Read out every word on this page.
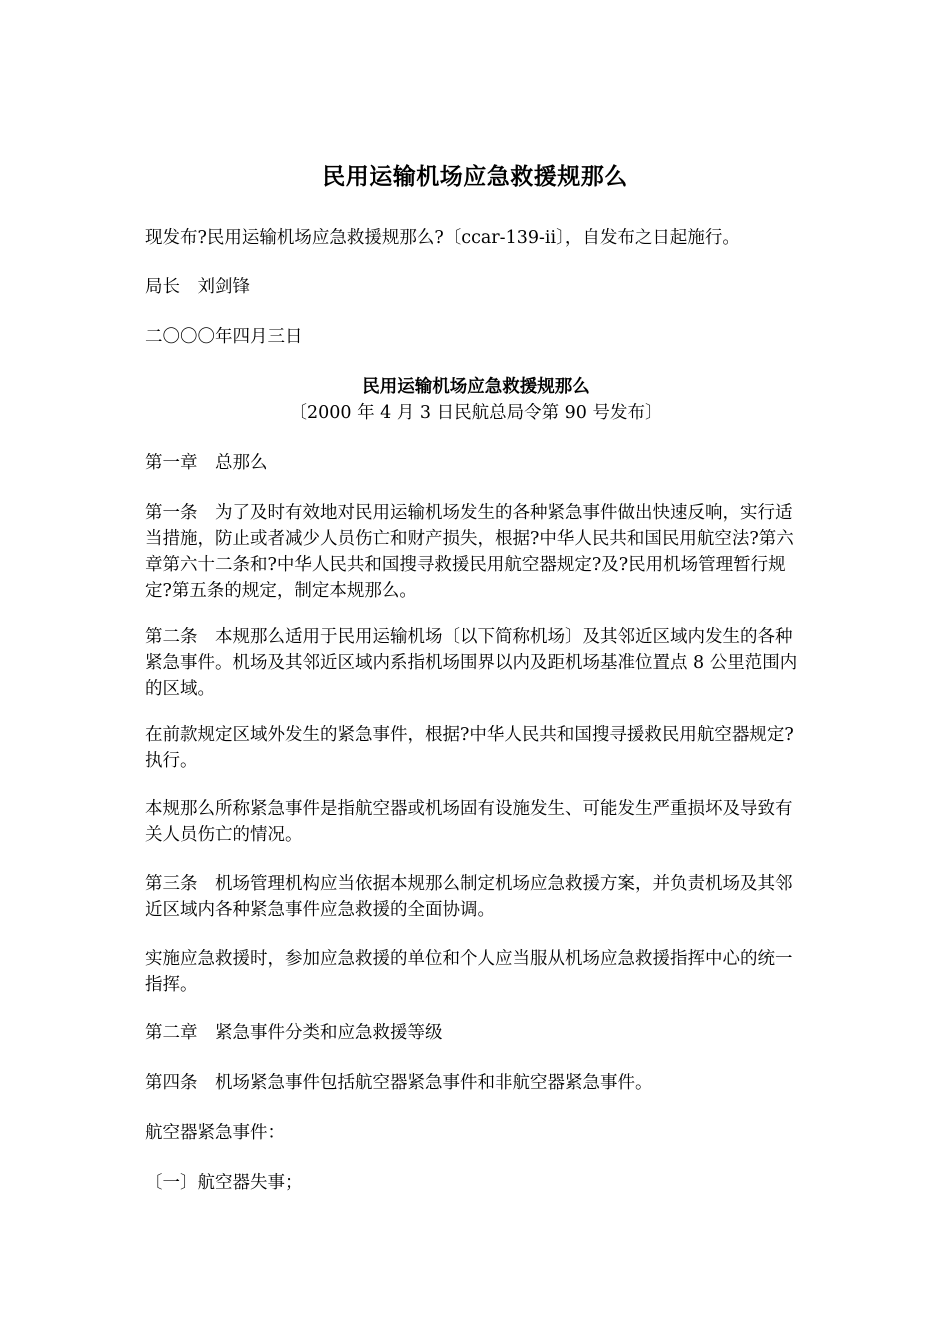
民用运输机场应急救援规那么

现发布?民用运输机场应急救援规那么?〔ccar-139-ii〕，自发布之日起施行。

局长　刘剑锋

二〇〇〇年四月三日

民用运输机场应急救援规那么

〔2000 年 4 月 3 日民航总局令第 90 号发布〕

第一章　总那么

第一条　为了及时有效地对民用运输机场发生的各种紧急事件做出快速反响，实行适当措施，防止或者减少人员伤亡和财产损失，根据?中华人民共和国民用航空法?第六章第六十二条和?中华人民共和国搜寻救援民用航空器规定?及?民用机场管理暂行规定?第五条的规定，制定本规那么。

第二条　本规那么适用于民用运输机场〔以下简称机场〕及其邻近区域内发生的各种紧急事件。机场及其邻近区域内系指机场围界以内及距机场基准位置点 8 公里范围内的区域。

在前款规定区域外发生的紧急事件，根据?中华人民共和国搜寻援救民用航空器规定?执行。

本规那么所称紧急事件是指航空器或机场固有设施发生、可能发生严重损坏及导致有关人员伤亡的情况。

第三条　机场管理机构应当依据本规那么制定机场应急救援方案，并负责机场及其邻近区域内各种紧急事件应急救援的全面协调。

实施应急救援时，参加应急救援的单位和个人应当服从机场应急救援指挥中心的统一指挥。

第二章　紧急事件分类和应急救援等级

第四条　机场紧急事件包括航空器紧急事件和非航空器紧急事件。

航空器紧急事件：

〔一〕航空器失事；
